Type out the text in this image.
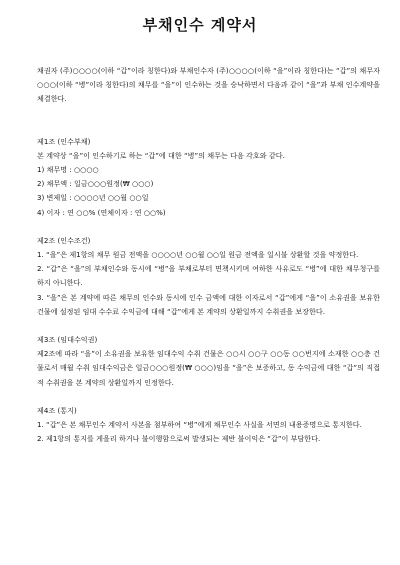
부채인수 계약서

채권자 (주)○○○○(이하 “갑”이라 칭한다)와 부채인수자 (주)○○○○(이하 “을”이라 칭한다)는 “갑”의 채무자 ○○○(이하 “병”이라 칭한다)의 채무를 “을”이 인수하는 것을 승낙하면서 다음과 같이 “을”과 부채 인수계약을 체결한다.

제1조 (인수부채)

본 계약상 “을”이 인수하기로 하는 “갑”에 대한 “병”의 채무는 다음 각호와 같다.

1) 채무명 : ○○○○

2) 채무액 : 일금○○○원정(₩ ○○○)

3) 변제일 : ○○○○년 ○○월 ○○일

4) 이자 : 연 ○○% (연체이자 : 연 ○○%)

제2조 (인수조건)

1. “을”은 제1항의 채무 원금 전액을 ○○○○년 ○○월 ○○일 원금 전액을 일시불 상환할 것을 약정한다.

2. “갑”은 “을”의 부채인수와 동시에 “병”을 부채로부터 면책시키며 여하한 사유로도 “병”에 대한 채무청구를 하지 아니한다.

3. “을”은 본 계약에 따른 채무의 인수와 동시에 인수 금액에 대한 이자로서 “갑”에게 “을”이 소유권을 보유한 건물에 설정된 임대 수수료 수익금에 대해 “갑”에게 본 계약의 상환일까지 수취권을 보장한다.

제3조 (임대수익권)

제2조에 따라 “을”이 소유권을 보유한 임대수익 수취 건물은 ○○시 ○○구 ○○동 ○○번지에 소재한 ○○층 건물로서 매월 수취 임대수익금은 일금○○○원정(₩ ○○○)임을 “을”은 보증하고, 동 수익금에 대한 “갑”의 직접적 수취권을 본 계약의 상환일까지 인정한다.

제4조 (통지)

1. “갑”은 본 채무인수 계약서 사본을 첨부하여 “병”에게 채무인수 사실을 서면의 내용증명으로 통지한다.

2. 제1항의 통지를 게을리 하거나 불이행함으로써 발생되는 제반 불이익은 “갑”이 부담한다.
